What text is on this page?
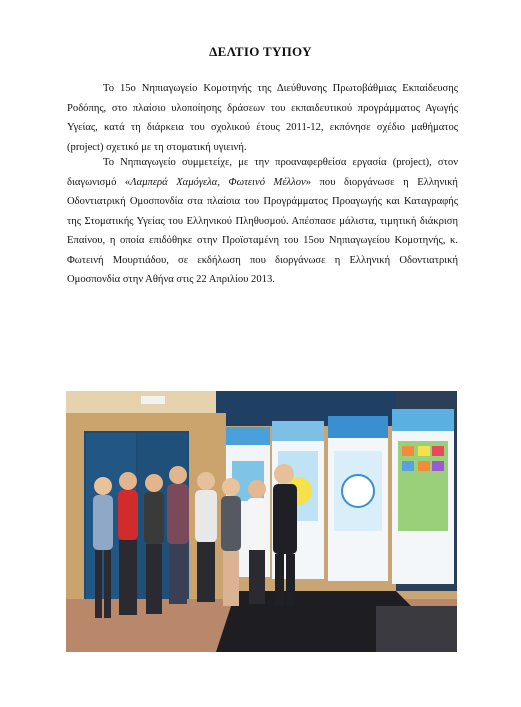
ΔΕΛΤΙΟ ΤΥΠΟΥ
Το 15ο Νηπιαγωγείο Κομοτηνής της Διεύθυνσης Πρωτοβάθμιας Εκπαίδευσης Ροδόπης, στο πλαίσιο υλοποίησης δράσεων του εκπαιδευτικού προγράμματος Αγωγής Υγείας, κατά τη διάρκεια του σχολικού έτους 2011-12, εκπόνησε σχέδιο μαθήματος (project) σχετικό με τη στοματική υγιεινή.
Το Νηπιαγωγείο συμμετείχε, με την προαναφερθείσα εργασία (project), στον διαγωνισμό «Λαμπερά Χαμόγελα, Φωτεινό Μέλλον» που διοργάνωσε η Ελληνική Οδοντιατρική Ομοσπονδία στα πλαίσια του Προγράμματος Προαγωγής και Καταγραφής της Στοματικής Υγείας του Ελληνικού Πληθυσμού. Απέσπασε μάλιστα, τιμητική διάκριση Επαίνου, η οποία επιδόθηκε στην Προϊσταμένη του 15ου Νηπιαγωγείου Κομοτηνής, κ. Φωτεινή Μουρτιάδου, σε εκδήλωση που διοργάνωσε η Ελληνική Οδοντιατρική Ομοσπονδία στην Αθήνα στις 22 Απριλίου 2013.
